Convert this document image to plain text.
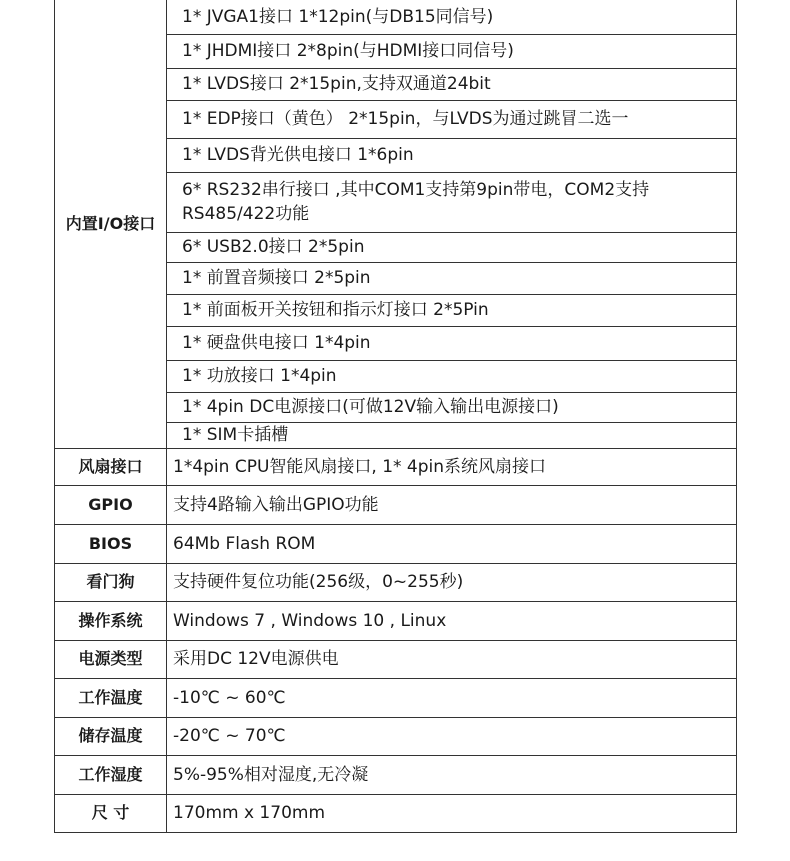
内置I/O接口	1* JVGA1接口 1*12pin(与DB15同信号)
	1* JHDMI接口 2*8pin(与HDMI接口同信号)
	1* LVDS接口 2*15pin,支持双通道24bit
	1* EDP接口（黄色） 2*15pin，与LVDS为通过跳冒二选一
	1* LVDS背光供电接口 1*6pin
	6* RS232串行接口 ,其中COM1支持第9pin带电，COM2支持RS485/422功能
	6* USB2.0接口 2*5pin
	1* 前置音频接口 2*5pin
	1* 前面板开关按钮和指示灯接口 2*5Pin
	1* 硬盘供电接口 1*4pin
	1* 功放接口 1*4pin
	1* 4pin DC电源接口(可做12V输入输出电源接口)
	1* SIM卡插槽
风扇接口	1*4pin CPU智能风扇接口, 1* 4pin系统风扇接口
GPIO	支持4路输入输出GPIO功能
BIOS	64Mb Flash ROM
看门狗	支持硬件复位功能(256级，0~255秒)
操作系统	Windows 7 , Windows 10 , Linux
电源类型	采用DC 12V电源供电
工作温度	-10℃ ~ 60℃
储存温度	-20℃ ~ 70℃
工作湿度	5%-95%相对湿度,无冷凝
尺 寸	170mm x 170mm
